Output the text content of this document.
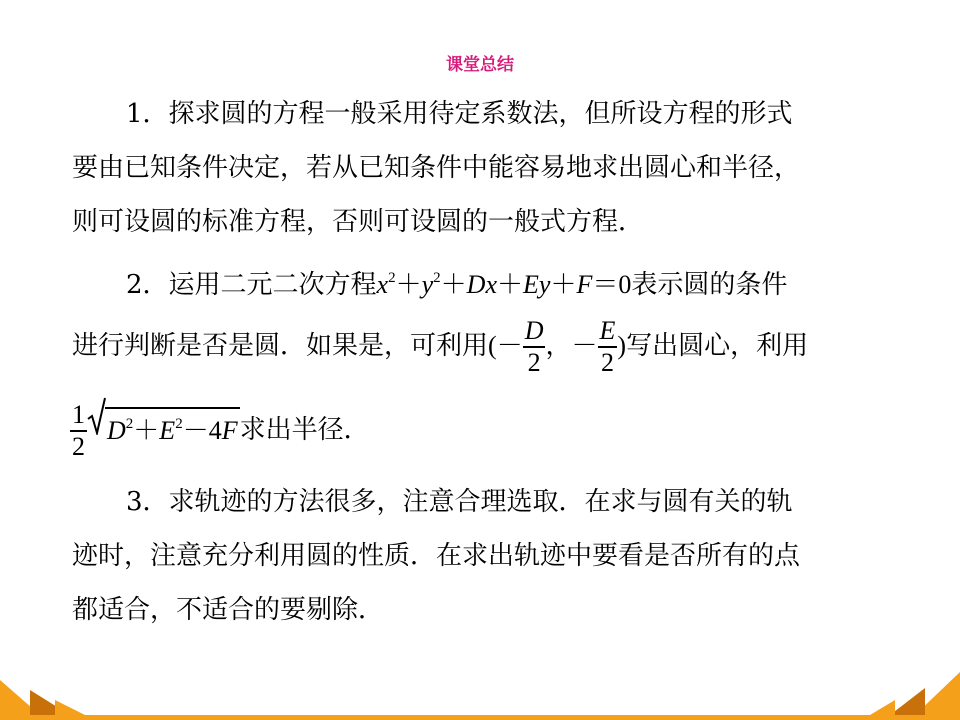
课堂总结
1．探求圆的方程一般采用待定系数法，但所设方程的形式
要由已知条件决定，若从已知条件中能容易地求出圆心和半径，
则可设圆的标准方程，否则可设圆的一般式方程．
2．运用二元二次方程$x^2+y^2+Dx+Ey+F=0$表示圆的条件
进行判断是否是圆．如果是，可利用(－ $\frac{D}{2}$ ，－ $\frac{E}{2}$ )写出圆心，利用
$\frac{1}{2} D^2+E^2-4F$求出半径．
3．求轨迹的方法很多，注意合理选取．在求与圆有关的轨
迹时，注意充分利用圆的性质．在求出轨迹中要看是否所有的点
都适合，不适合的要剔除．
